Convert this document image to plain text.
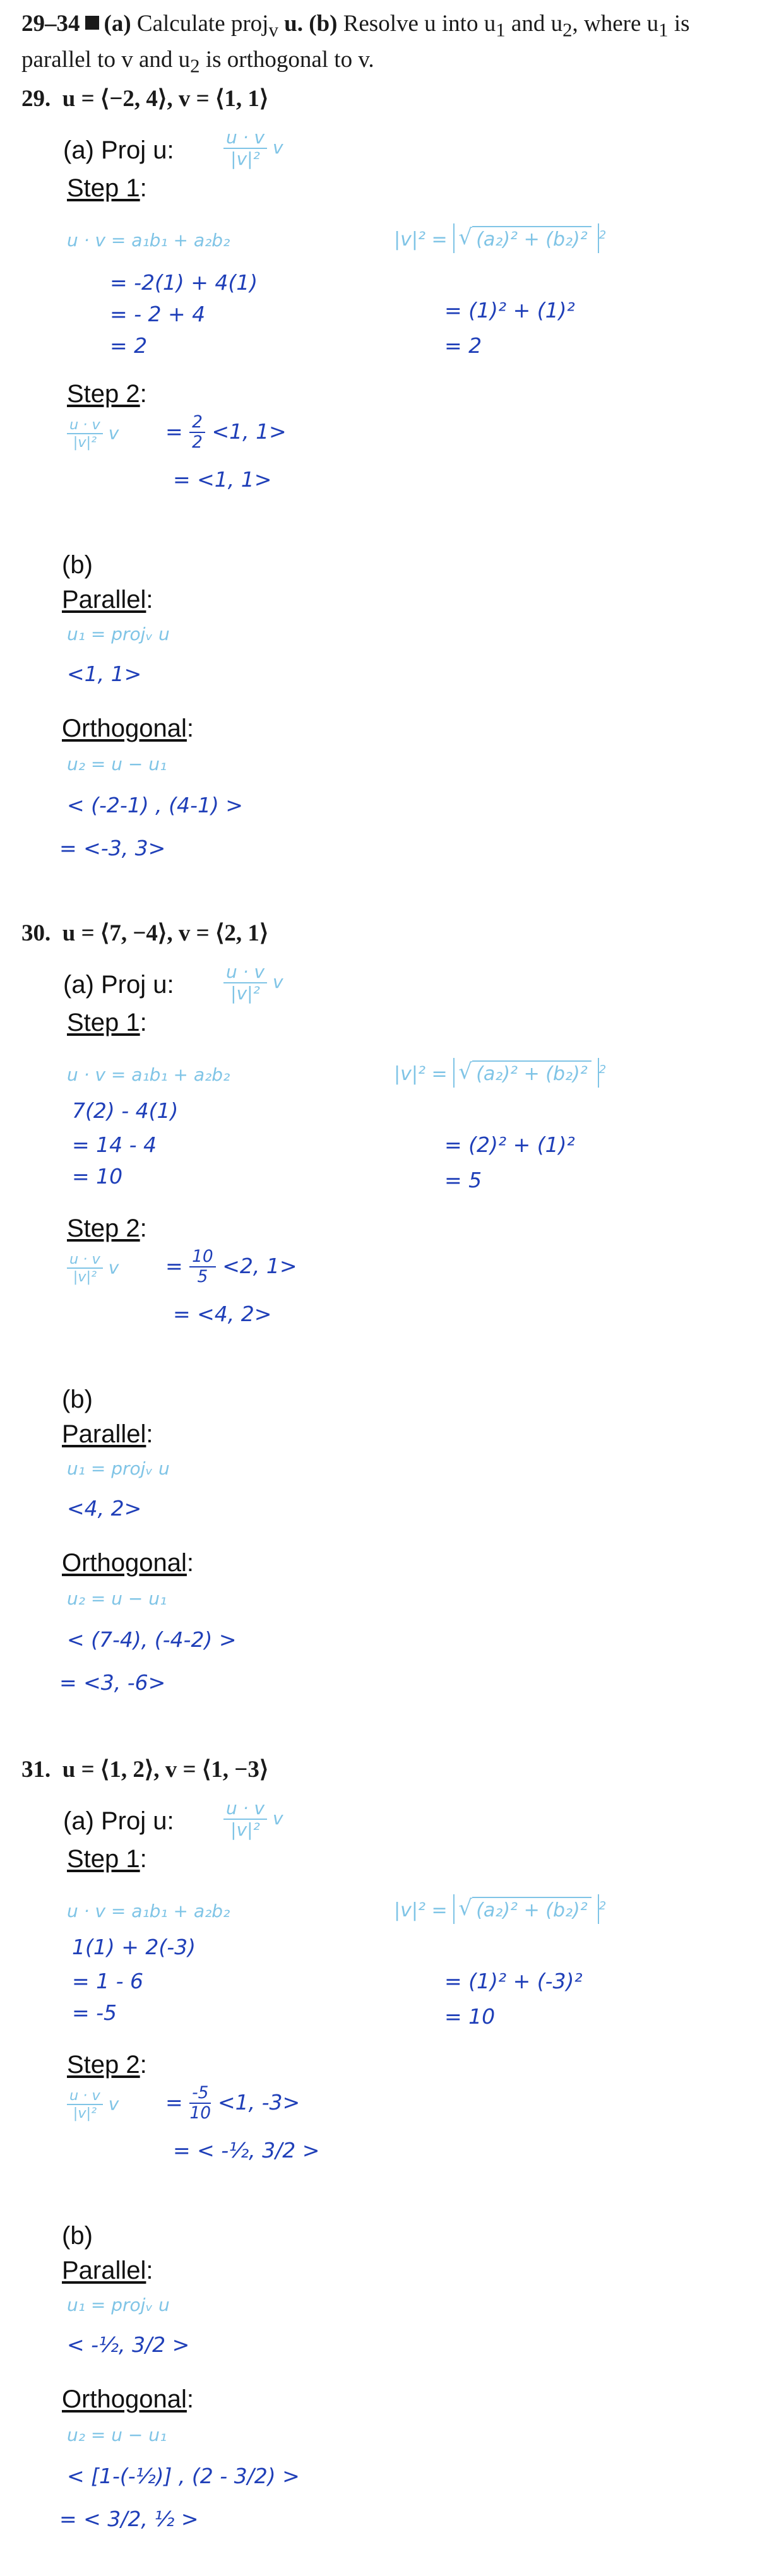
29–34 (a) Calculate proj$_v$ u. (b) Resolve u into $u_1$ and $u_2$, where $u_1$ is parallel to v and $u_2$ is orthogonal to v.
29. u = ⟨−2, 4⟩, v = ⟨1, 1⟩
(a) Proj u:	$\frac{u \cdot v}{\text{|v|²}}$ v
Step 1:
u · v = a₁b₁ + a₂b₂
= -2(1) + 4(1)
= - 2 + 4
= 2
|v|² = √ (a₂)² + (b₂)² $^2$
= (1)² + (1)²
= 2
Step 2:
$\frac{u \cdot v}{\text{|v|²}}$ $v = \frac{2}{2} <1$, 1>
= <1, 1>
(b)
Parallel:
u₁ = projᵥ u
<1, 1>
Orthogonal:
u₂ = u − u₁
< (-2-1) , (4-1) >
= <-3, 3>
30. u = ⟨7, −4⟩, v = ⟨2, 1⟩
(a) Proj u:	$\frac{u \cdot v}{\text{|v|²}}$ v
Step 1:
u · v = a₁b₁ + a₂b₂
7(2) - 4(1)
= 14 - 4
= 10
|v|² = √ (a₂)² + (b₂)² $^2$
= (2)² + (1)²
= 5
Step 2:
$\frac{u \cdot v}{\text{|v|²}}$ $v = \frac{10}{5} <2$, 1>
= <4, 2>
(b)
Parallel:
u₁ = projᵥ u
<4, 2>
Orthogonal:
u₂ = u − u₁
< (7-4), (-4-2) >
= <3, -6>
31. u = ⟨1, 2⟩, v = ⟨1, −3⟩
(a) Proj u:	$\frac{u \cdot v}{\text{|v|²}}$ v
Step 1:
u · v = a₁b₁ + a₂b₂
1(1) + 2(-3)
= 1 - 6
= -5
|v|² = √ (a₂)² + (b₂)² $^2$
= (1)² + (-3)²
= 10
Step 2:
$\frac{u \cdot v}{\text{|v|²}}$ $v = \frac{-5}{10} <1$, -3>
= < -½, 3/2 >
(b)
Parallel:
u₁ = projᵥ u
< -½, 3/2 >
Orthogonal:
u₂ = u − u₁
< [1-(-½)] , (2 - 3/2) >
= < 3/2, ½ >
